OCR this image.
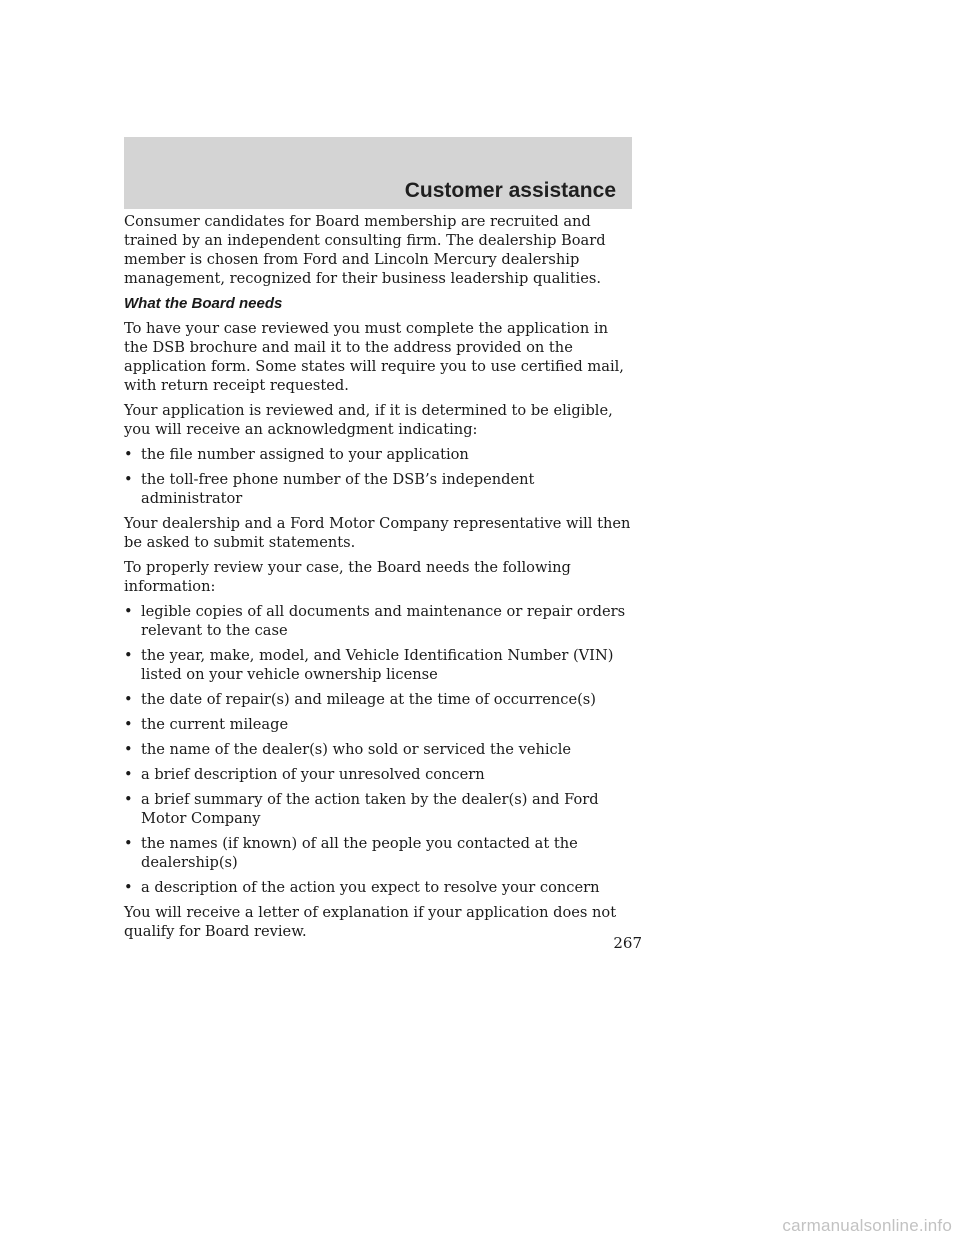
Customer assistance

Consumer candidates for Board membership are recruited and trained by an independent consulting firm. The dealership Board member is chosen from Ford and Lincoln Mercury dealership management, recognized for their business leadership qualities.

What the Board needs

To have your case reviewed you must complete the application in the DSB brochure and mail it to the address provided on the application form. Some states will require you to use certified mail, with return receipt requested.

Your application is reviewed and, if it is determined to be eligible, you will receive an acknowledgment indicating:

• the file number assigned to your application
• the toll-free phone number of the DSB’s independent administrator

Your dealership and a Ford Motor Company representative will then be asked to submit statements.

To properly review your case, the Board needs the following information:

• legible copies of all documents and maintenance or repair orders relevant to the case
• the year, make, model, and Vehicle Identification Number (VIN) listed on your vehicle ownership license
• the date of repair(s) and mileage at the time of occurrence(s)
• the current mileage
• the name of the dealer(s) who sold or serviced the vehicle
• a brief description of your unresolved concern
• a brief summary of the action taken by the dealer(s) and Ford Motor Company
• the names (if known) of all the people you contacted at the dealership(s)
• a description of the action you expect to resolve your concern

You will receive a letter of explanation if your application does not qualify for Board review.

267
carmanualsonline.info
